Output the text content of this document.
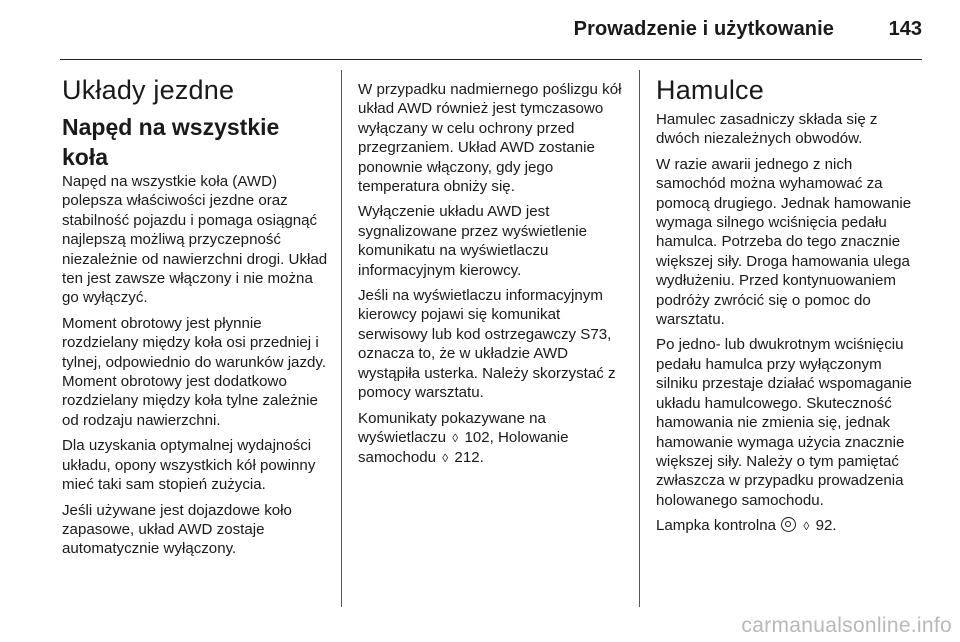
Prowadzenie i użytkowanie	143
Układy jezdne
Napęd na wszystkie koła

Napęd na wszystkie koła (AWD) polepsza właściwości jezdne oraz stabilność pojazdu i pomaga osiągnąć najlepszą możliwą przyczepność niezależnie od nawierzchni drogi. Układ ten jest zawsze włączony i nie można go wyłączyć.

Moment obrotowy jest płynnie rozdzielany między koła osi przedniej i tylnej, odpowiednio do warunków jazdy. Moment obrotowy jest dodatkowo rozdzielany między koła tylne zależnie od rodzaju nawierzchni.

Dla uzyskania optymalnej wydajności układu, opony wszystkich kół powinny mieć taki sam stopień zużycia.

Jeśli używane jest dojazdowe koło zapasowe, układ AWD zostaje automatycznie wyłączony.

W przypadku nadmiernego poślizgu kół układ AWD również jest tymczasowo wyłączany w celu ochrony przed przegrzaniem. Układ AWD zostanie ponownie włączony, gdy jego temperatura obniży się.

Wyłączenie układu AWD jest sygnalizowane przez wyświetlenie komunikatu na wyświetlaczu informacyjnym kierowcy.

Jeśli na wyświetlaczu informacyjnym kierowcy pojawi się komunikat serwisowy lub kod ostrzegawczy S73, oznacza to, że w układzie AWD wystąpiła usterka. Należy skorzystać z pomocy warsztatu.

Komunikaty pokazywane na wyświetlaczu ◊ 102, Holowanie samochodu ◊ 212.

Hamulce

Hamulec zasadniczy składa się z dwóch niezależnych obwodów.

W razie awarii jednego z nich samochód można wyhamować za pomocą drugiego. Jednak hamowanie wymaga silnego wciśnięcia pedału hamulca. Potrzeba do tego znacznie większej siły. Droga hamowania ulega wydłużeniu. Przed kontynuowaniem podróży zwrócić się o pomoc do warsztatu.

Po jedno- lub dwukrotnym wciśnięciu pedału hamulca przy wyłączonym silniku przestaje działać wspomaganie układu hamulcowego. Skuteczność hamowania nie zmienia się, jednak hamowanie wymaga użycia znacznie większej siły. Należy o tym pamiętać zwłaszcza w przypadku prowadzenia holowanego samochodu.

Lampka kontrolna  ◊ 92.

carmanualsonline.info
